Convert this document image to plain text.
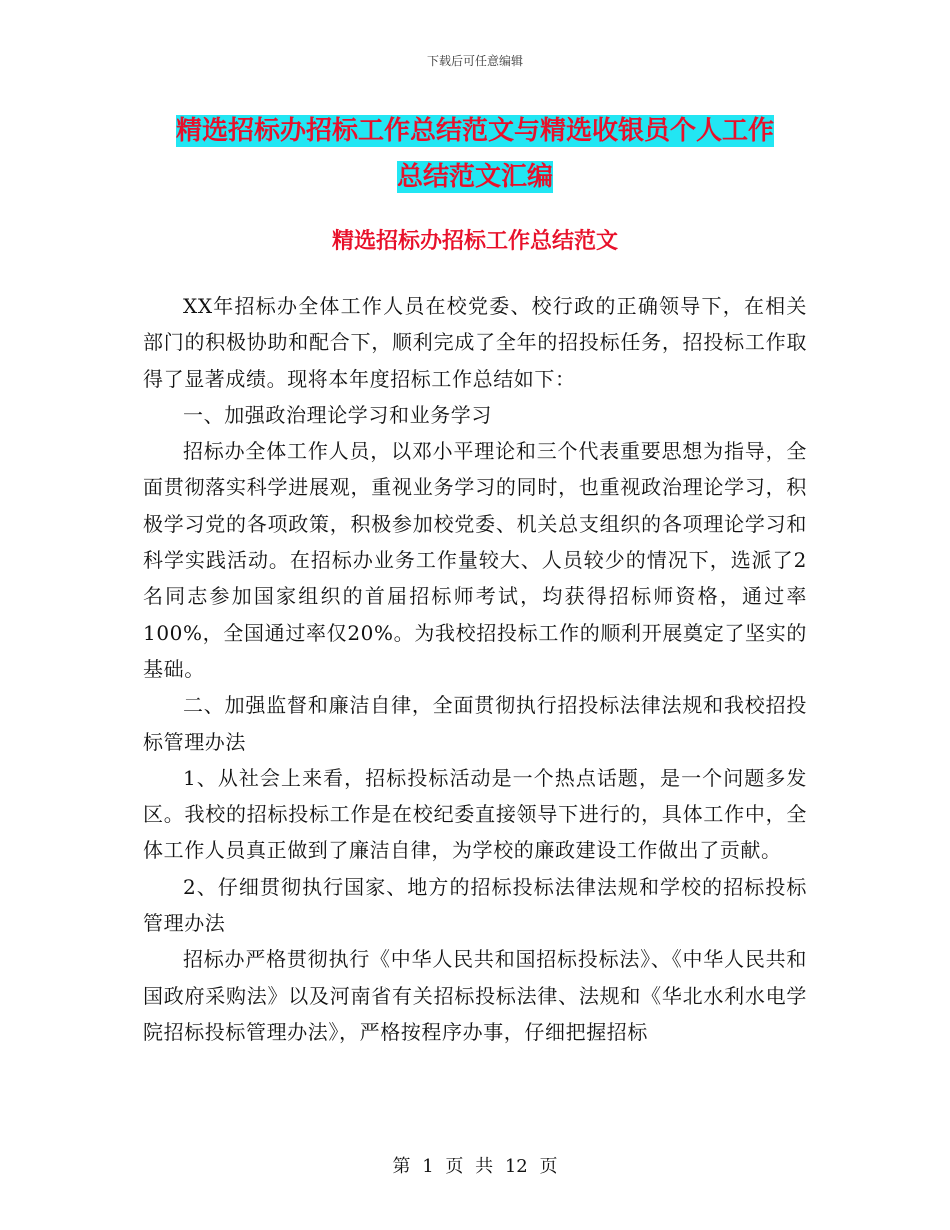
下载后可任意编辑
精选招标办招标工作总结范文与精选收银员个人工作
总结范文汇编
精选招标办招标工作总结范文

XX年招标办全体工作人员在校党委、校行政的正确领导下，在相关部门的积极协助和配合下，顺利完成了全年的招投标任务，招投标工作取得了显著成绩。现将本年度招标工作总结如下：

一、加强政治理论学习和业务学习

招标办全体工作人员，以邓小平理论和三个代表重要思想为指导，全面贯彻落实科学进展观，重视业务学习的同时，也重视政治理论学习，积极学习党的各项政策，积极参加校党委、机关总支组织的各项理论学习和科学实践活动。在招标办业务工作量较大、人员较少的情况下，选派了2名同志参加国家组织的首届招标师考试，均获得招标师资格，通过率100%，全国通过率仅20%。为我校招投标工作的顺利开展奠定了坚实的基础。

二、加强监督和廉洁自律，全面贯彻执行招投标法律法规和我校招投标管理办法

1、从社会上来看，招标投标活动是一个热点话题，是一个问题多发区。我校的招标投标工作是在校纪委直接领导下进行的，具体工作中，全体工作人员真正做到了廉洁自律，为学校的廉政建设工作做出了贡献。

2、仔细贯彻执行国家、地方的招标投标法律法规和学校的招标投标管理办法

招标办严格贯彻执行《中华人民共和国招标投标法》、《中华人民共和国政府采购法》以及河南省有关招标投标法律、法规和《华北水利水电学院招标投标管理办法》，严格按程序办事，仔细把握招标

第 1 页 共 12 页
